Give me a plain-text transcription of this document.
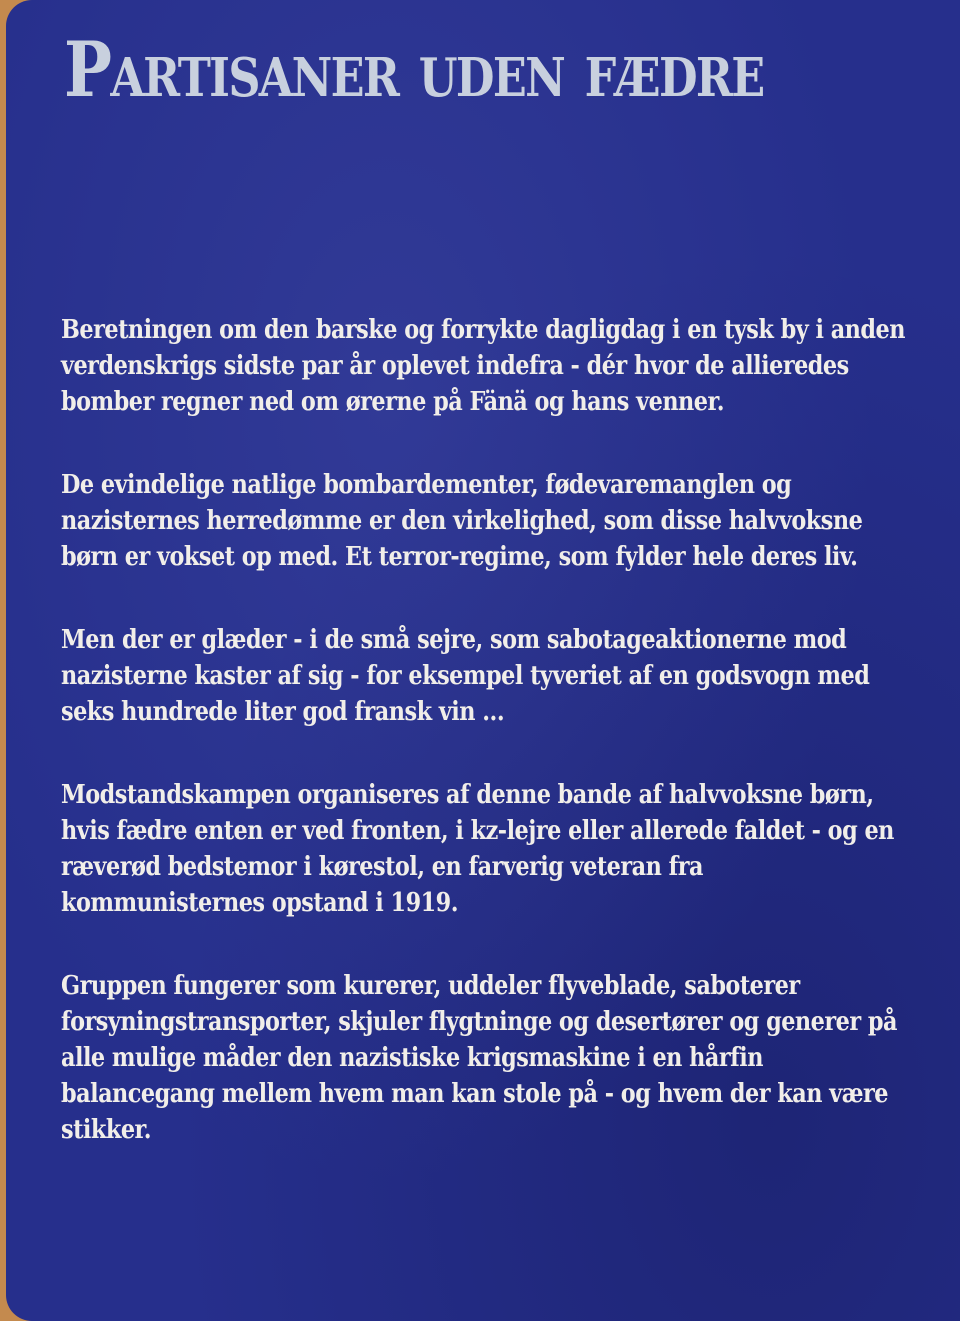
Partisaner uden fædre

Beretningen om den barske og forrykte dagligdag i en tysk by i anden verdenskrigs sidste par år oplevet indefra - dér hvor de allieredes bomber regner ned om ørerne på Fänä og hans venner.

De evindelige natlige bombardementer, fødevaremanglen og nazisternes herredømme er den virkelighed, som disse halvvoksne børn er vokset op med. Et terror-regime, som fylder hele deres liv.

Men der er glæder - i de små sejre, som sabotageaktionerne mod nazisterne kaster af sig - for eksempel tyveriet af en godsvogn med seks hundrede liter god fransk vin ...

Modstandskampen organiseres af denne bande af halvvoksne børn, hvis fædre enten er ved fronten, i kz-lejre eller allerede faldet - og en ræverød bedstemor i kørestol, en farverig veteran fra kommunisternes opstand i 1919.

Gruppen fungerer som kurerer, uddeler flyveblade, saboterer forsyningstransporter, skjuler flygtninge og desertører og generer på alle mulige måder den nazistiske krigsmaskine i en hårfin balancegang mellem hvem man kan stole på - og hvem der kan være stikker.
